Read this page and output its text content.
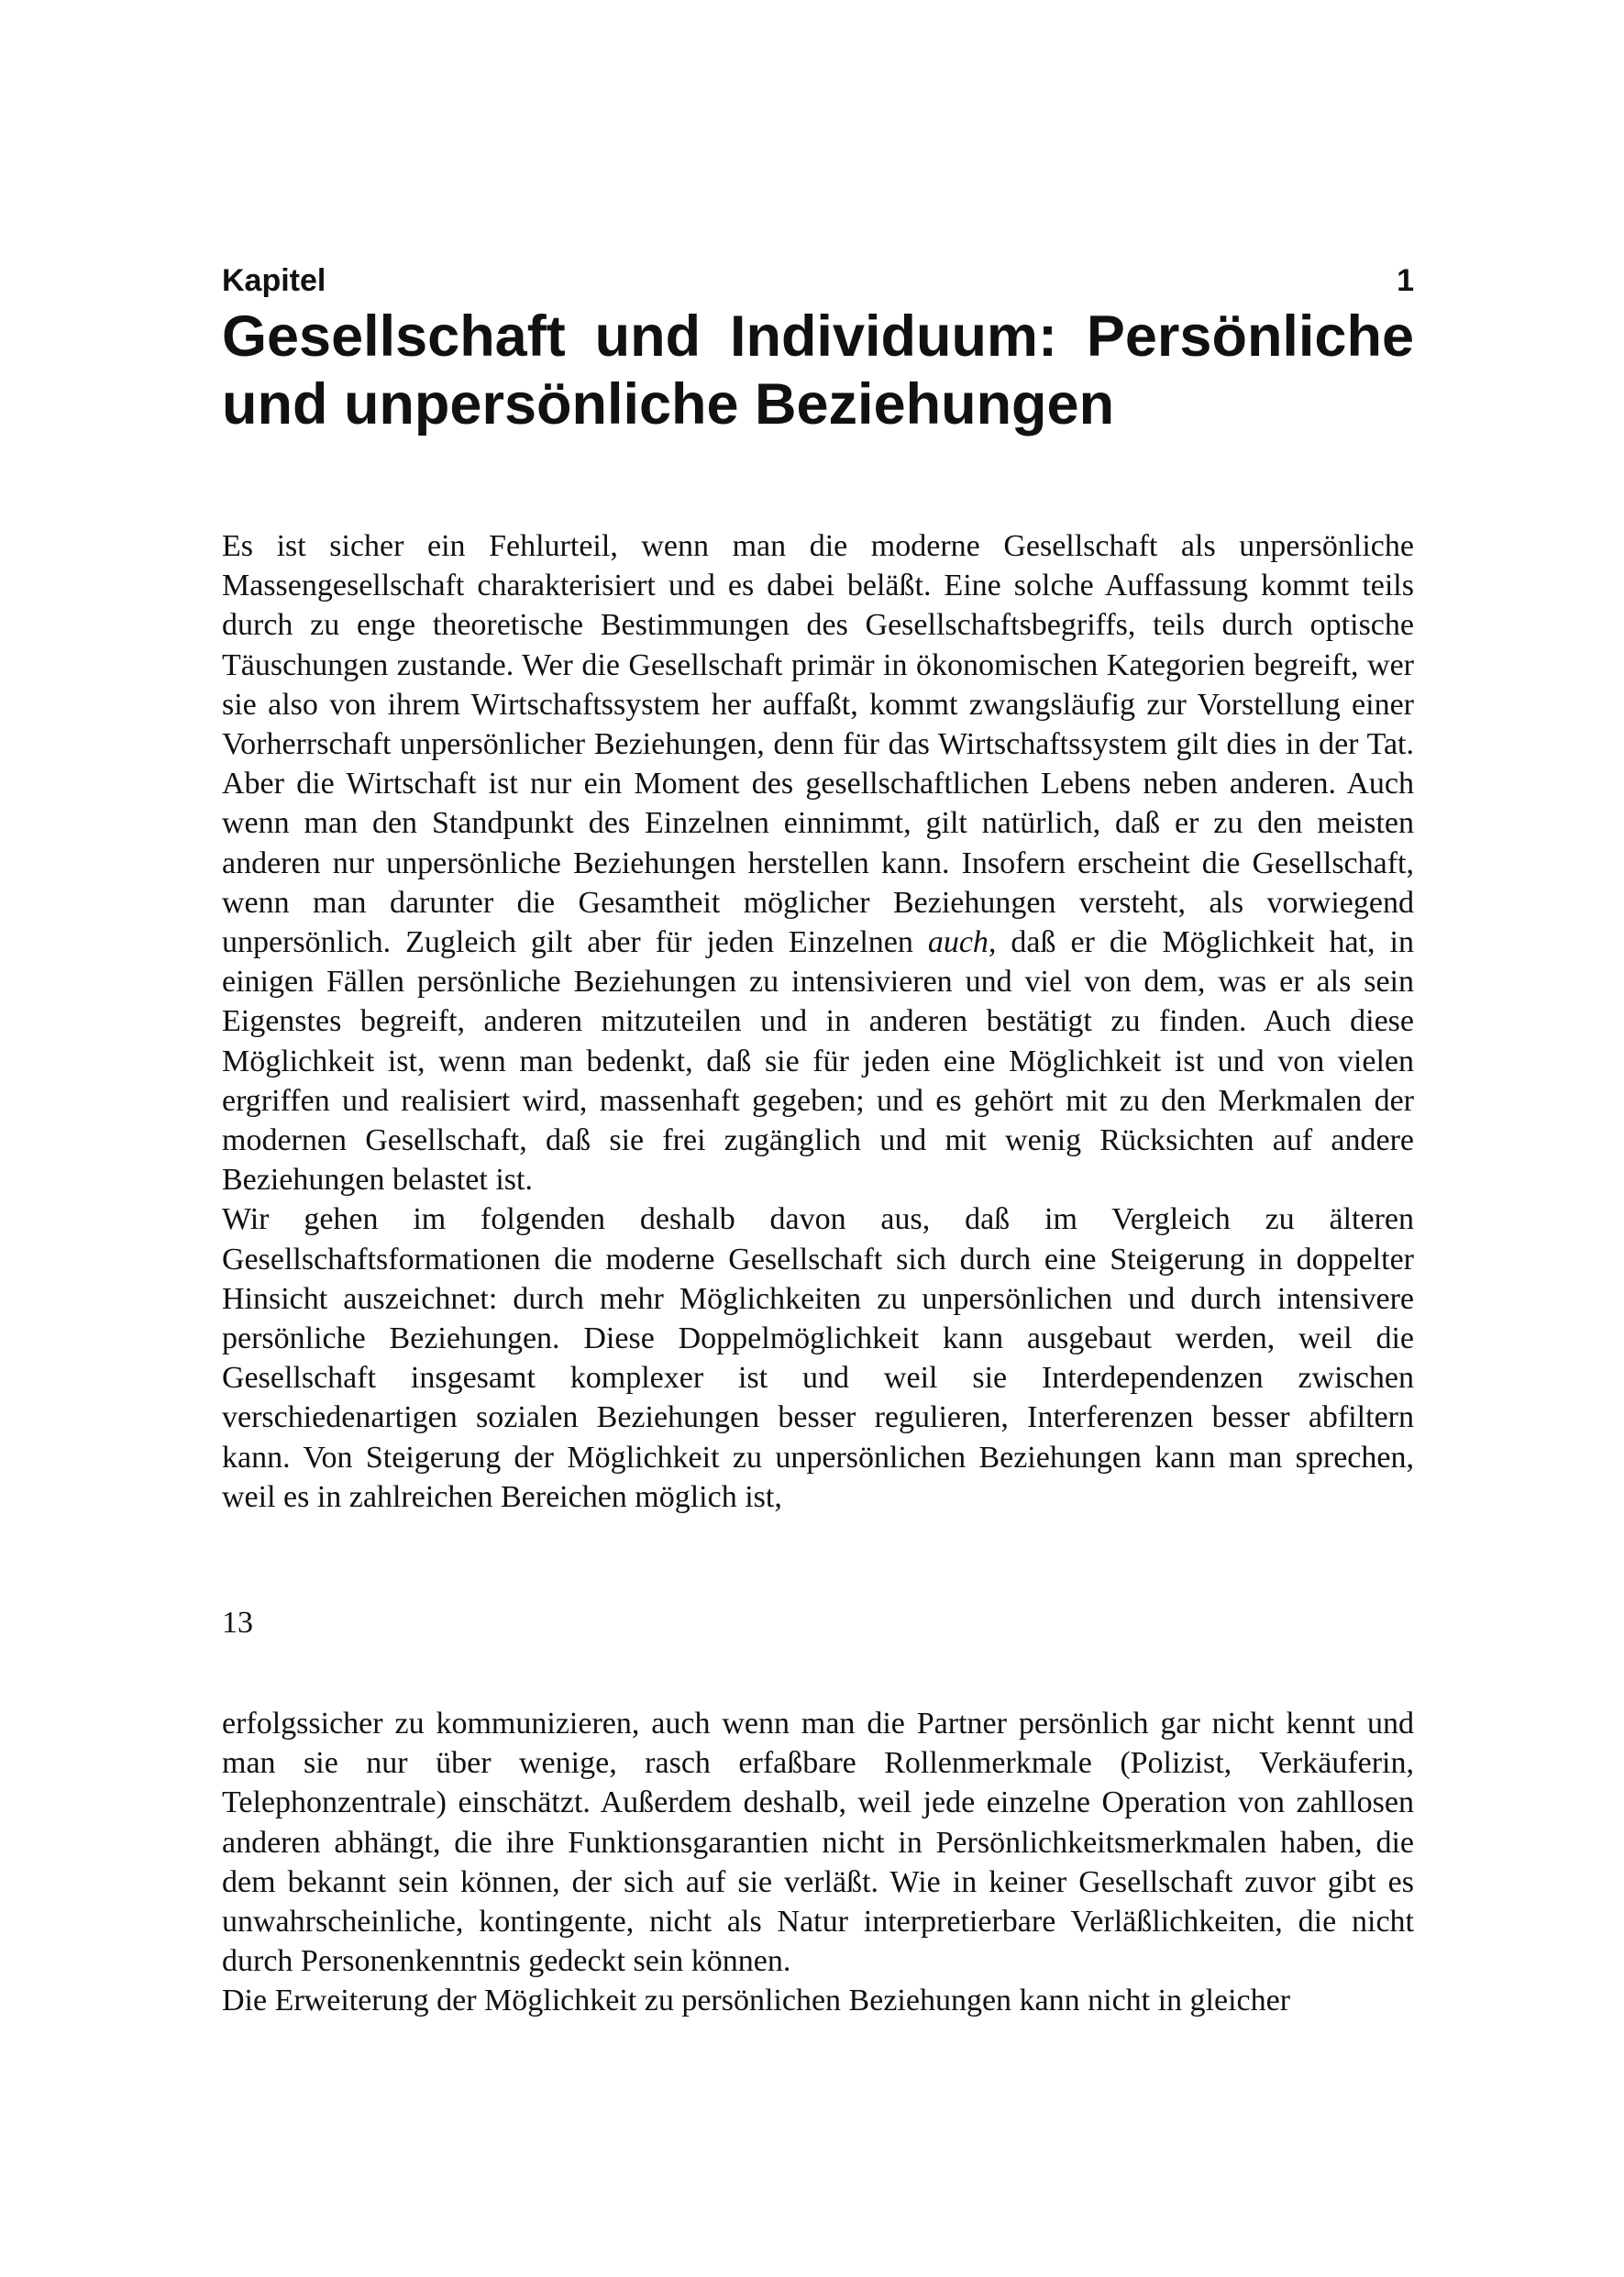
Kapitel	1
Gesellschaft und Individuum: Persönliche und unpersönliche Beziehungen

Es ist sicher ein Fehlurteil, wenn man die moderne Gesellschaft als unpersönliche Massengesellschaft charakterisiert und es dabei beläßt. Eine solche Auffassung kommt teils durch zu enge theoretische Bestimmungen des Gesellschaftsbegriffs, teils durch optische Täuschungen zustande. Wer die Gesellschaft primär in ökonomischen Kategorien begreift, wer sie also von ihrem Wirtschaftssystem her auffaßt, kommt zwangsläufig zur Vorstellung einer Vorherrschaft unpersönlicher Beziehungen, denn für das Wirtschaftssystem gilt dies in der Tat. Aber die Wirtschaft ist nur ein Moment des gesellschaftlichen Lebens neben anderen. Auch wenn man den Standpunkt des Einzelnen einnimmt, gilt natürlich, daß er zu den meisten anderen nur unpersönliche Beziehungen herstellen kann. Insofern erscheint die Gesellschaft, wenn man darunter die Gesamtheit möglicher Beziehungen versteht, als vorwiegend unpersönlich. Zugleich gilt aber für jeden Einzelnen auch, daß er die Möglichkeit hat, in einigen Fällen persönliche Beziehungen zu intensivieren und viel von dem, was er als sein Eigenstes begreift, anderen mitzuteilen und in anderen bestätigt zu finden. Auch diese Möglichkeit ist, wenn man bedenkt, daß sie für jeden eine Möglichkeit ist und von vielen ergriffen und realisiert wird, massenhaft gegeben; und es gehört mit zu den Merkmalen der modernen Gesellschaft, daß sie frei zugänglich und mit wenig Rücksichten auf andere Beziehungen belastet ist.

Wir gehen im folgenden deshalb davon aus, daß im Vergleich zu älteren Gesellschaftsformationen die moderne Gesellschaft sich durch eine Steigerung in doppelter Hinsicht auszeichnet: durch mehr Möglichkeiten zu unpersönlichen und durch intensivere persönliche Beziehungen. Diese Doppelmöglichkeit kann ausgebaut werden, weil die Gesellschaft insgesamt komplexer ist und weil sie Interdependenzen zwischen verschiedenartigen sozialen Beziehungen besser regulieren, Interferenzen besser abfiltern kann. Von Steigerung der Möglichkeit zu unpersönlichen Beziehungen kann man sprechen, weil es in zahlreichen Bereichen möglich ist,

13

erfolgssicher zu kommunizieren, auch wenn man die Partner persönlich gar nicht kennt und man sie nur über wenige, rasch erfaßbare Rollenmerkmale (Polizist, Verkäuferin, Telephonzentrale) einschätzt. Außerdem deshalb, weil jede einzelne Operation von zahllosen anderen abhängt, die ihre Funktionsgarantien nicht in Persönlichkeitsmerkmalen haben, die dem bekannt sein können, der sich auf sie verläßt. Wie in keiner Gesellschaft zuvor gibt es unwahrscheinliche, kontingente, nicht als Natur interpretierbare Verläßlichkeiten, die nicht durch Personenkenntnis gedeckt sein können.

Die Erweiterung der Möglichkeit zu persönlichen Beziehungen kann nicht in gleicher
